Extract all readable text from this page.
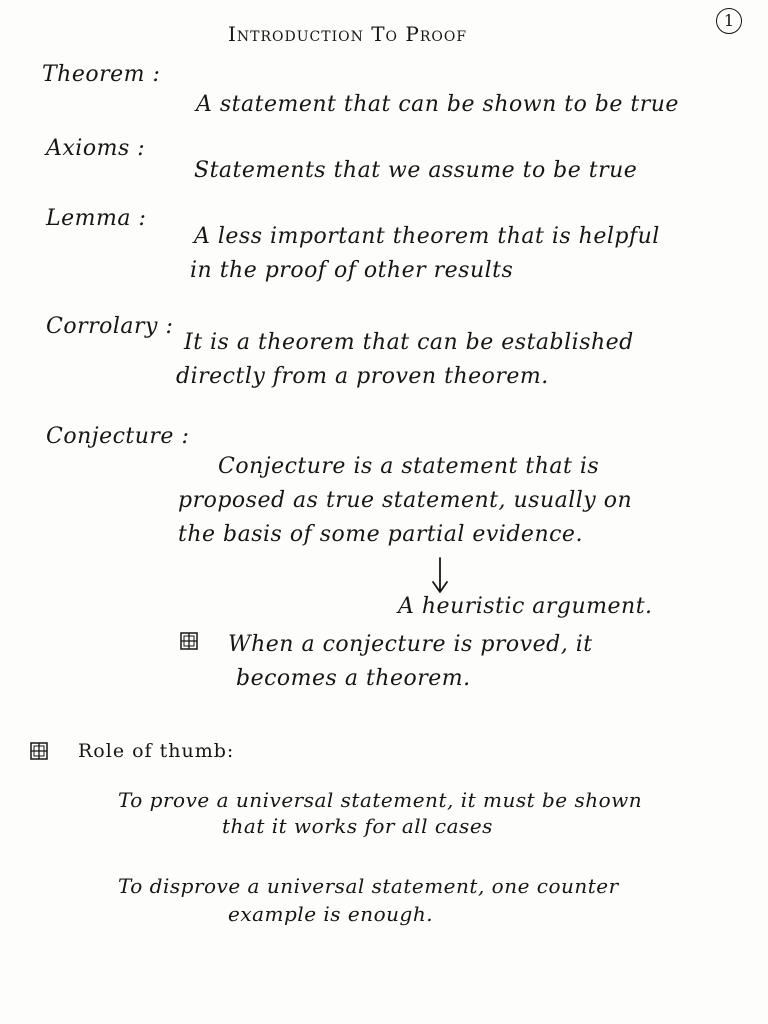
Introduction To Proof
1
Theorem :
A statement that can be shown to be true
Axioms :
Statements that we assume to be true
Lemma :
A less important theorem that is helpful
in the proof of other results
Corrolary :
It is a theorem that can be established
directly from a proven theorem.
Conjecture :
Conjecture is a statement that is
proposed as true statement, usually on
the basis of some partial evidence.
A heuristic argument.
When a conjecture is proved, it
becomes a theorem.
Role of thumb:
To prove a universal statement, it must be shown
that it works for all cases
To disprove a universal statement, one counter
example is enough.
